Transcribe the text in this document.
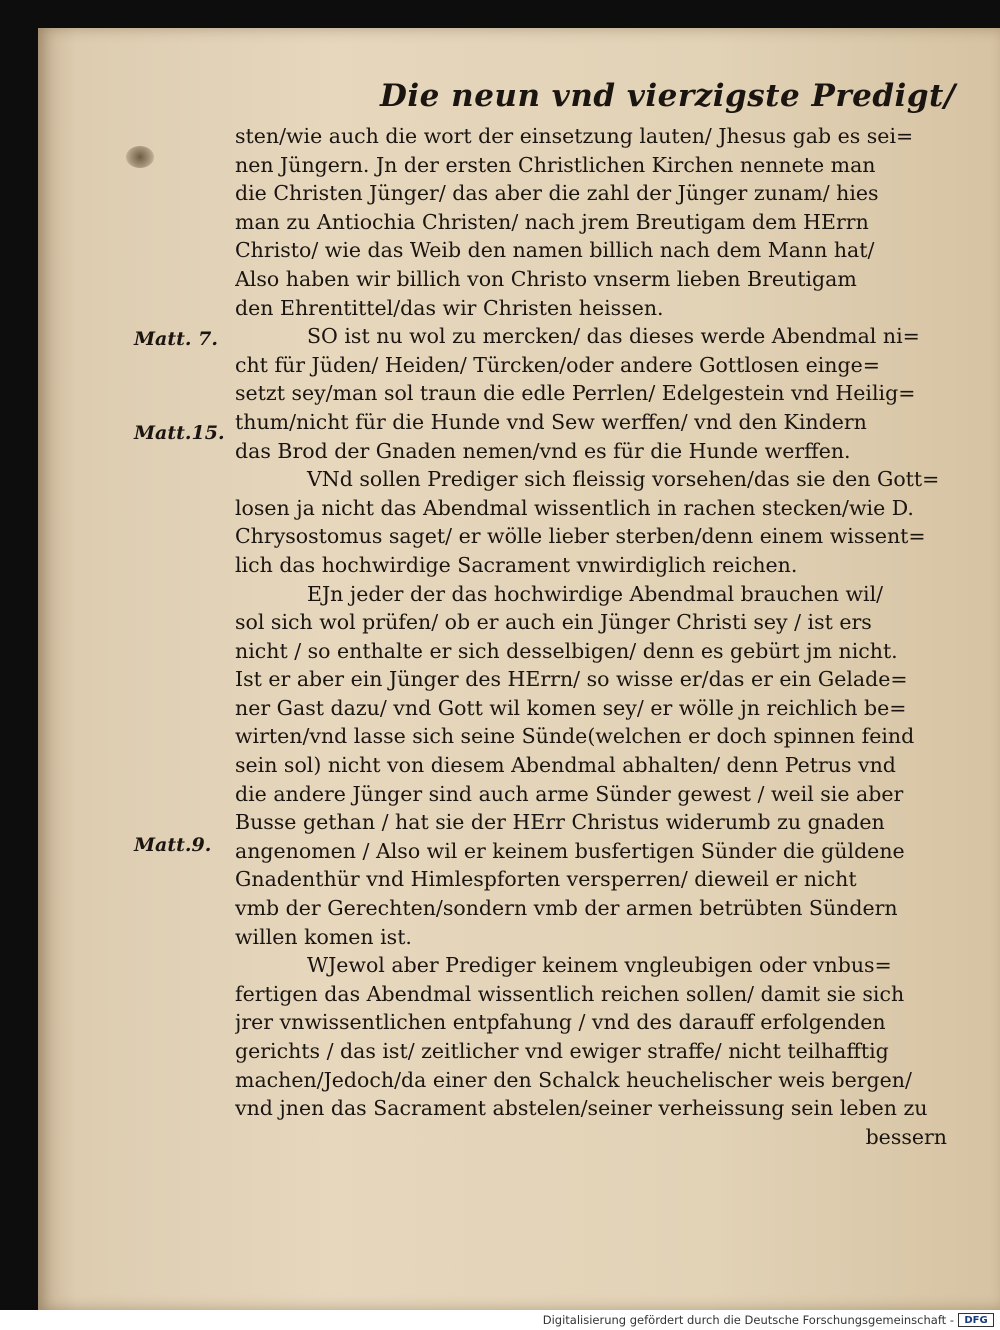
Die neun vnd vierzigste Predigt/
sten/wie auch die wort der einsetzung lauten/ Jhesus gab es sei=
nen Jüngern. Jn der ersten Christlichen Kirchen nennete man
die Christen Jünger/ das aber die zahl der Jünger zunam/ hies
man zu Antiochia Christen/ nach jrem Breutigam dem HErrn
Christo/ wie das Weib den namen billich nach dem Mann hat/
Also haben wir billich von Christo vnserm lieben Breutigam
den Ehrentittel/das wir Christen heissen.
SO ist nu wol zu mercken/ das dieses werde Abendmal ni=
cht für Jüden/ Heiden/ Türcken/oder andere Gottlosen einge=
setzt sey/man sol traun die edle Perrlen/ Edelgestein vnd Heilig=
thum/nicht für die Hunde vnd Sew werffen/ vnd den Kindern
das Brod der Gnaden nemen/vnd es für die Hunde werffen.
VNd sollen Prediger sich fleissig vorsehen/das sie den Gott=
losen ja nicht das Abendmal wissentlich in rachen stecken/wie D.
Chrysostomus saget/ er wölle lieber sterben/denn einem wissent=
lich das hochwirdige Sacrament vnwirdiglich reichen.
EJn jeder der das hochwirdige Abendmal brauchen wil/
sol sich wol prüfen/ ob er auch ein Jünger Christi sey / ist ers
nicht / so enthalte er sich desselbigen/ denn es gebürt jm nicht.
Ist er aber ein Jünger des HErrn/ so wisse er/das er ein Gelade=
ner Gast dazu/ vnd Gott wil komen sey/ er wölle jn reichlich be=
wirten/vnd lasse sich seine Sünde(welchen er doch spinnen feind
sein sol) nicht von diesem Abendmal abhalten/ denn Petrus vnd
die andere Jünger sind auch arme Sünder gewest / weil sie aber
Busse gethan / hat sie der HErr Christus widerumb zu gnaden
angenomen / Also wil er keinem busfertigen Sünder die güldene
Gnadenthür vnd Himlespforten versperren/ dieweil er nicht
vmb der Gerechten/sondern vmb der armen betrübten Sündern
willen komen ist.
WJewol aber Prediger keinem vngleubigen oder vnbus=
fertigen das Abendmal wissentlich reichen sollen/ damit sie sich
jrer vnwissentlichen entpfahung / vnd des darauff erfolgenden
gerichts / das ist/ zeitlicher vnd ewiger straffe/ nicht teilhafftig
machen/Jedoch/da einer den Schalck heuchelischer weis bergen/
vnd jnen das Sacrament abstelen/seiner verheissung sein leben zu
bessern
Matt. 7.
Matt.15.
Matt.9.
Digitalisierung gefördert durch die Deutsche Forschungsgemeinschaft -	DFG
